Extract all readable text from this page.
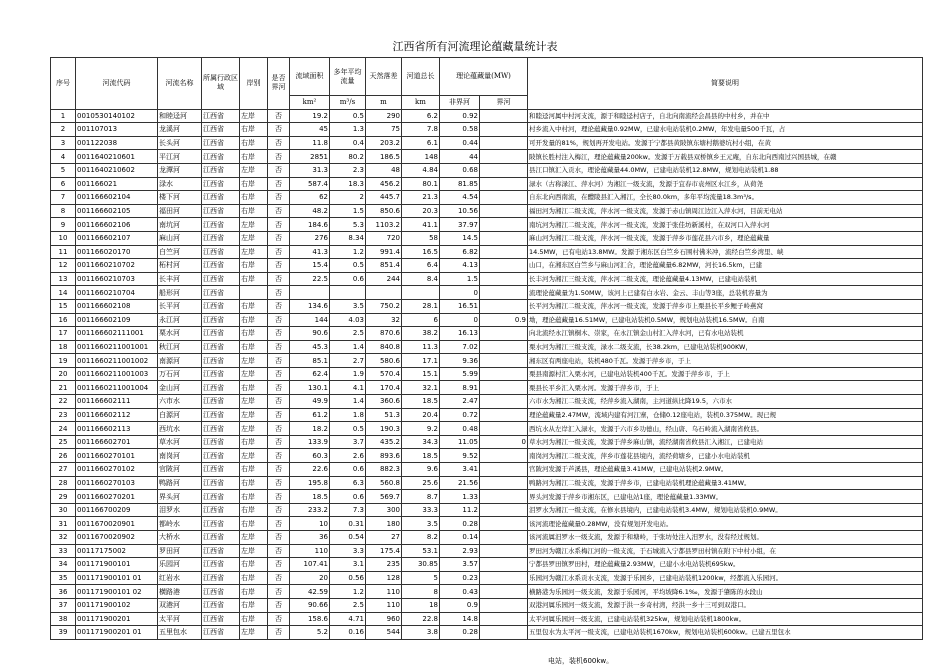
江西省所有河流理论蕴藏量统计表
序号	河流代码	河流名称	所属行政区域	岸别	是否界河	流域面积	多年平均流量	天然落差	河道总长	理论蕴藏量(MW)		简要说明
						km²	m³/s	m	km	非界河	界河	
1	0010530140102	和睦迳河	江西省	左岸	否	19.2	0.5	290	6.2	0.92		和睦迳河属中村河支流，源于和睦迳村店子，自北向南流经会昌县的中村乡，并在中
2	001107013	龙溪河	江西省	右岸	否	45	1.3	75	7.8	0.58		村乡流入中村河，理论蕴藏量0.92MW，已建水电站装机0.2MW，年发电量500千瓦，占
3	001122038	长头河	江西省	右岸	否	11.8	0.4	203.2	6.1	0.44		可开发量的81%，规划再开发电站。发源于宁都县黄陂镇东塘村鹅婆坑村小组，在黄
4	0011640210601	平江河	江西省	右岸	否	2851	80.2	186.5	148	44		陂镇长胜村注入梅江，理论蕴藏量200kw。发源于万载县双桥镇乡王元庵，自东北向西南过兴国县城，在赣
5	0011640210602	龙潭河	江西省	左岸	否	31.3	2.3	48	4.84	0.68		县江口镇汇入贡水，理论蕴藏量44.0MW，已建电站装机12.8MW，规划电站装机1.88
6	001166021	渌水	江西省	右岸	否	587.4	18.3	456.2	80.1	81.85		渌水（古称渌江、萍水河）为湘江一级支流，发源于宜春市袁州区水江乡，从荷尧
7	001166602104	楼下河	江西省	右岸	否	62	2	445.7	21.3	4.54		自东北向西南流，在醴陵县汇入湘江，全长80.0km，多年平均流量18.3m³/s。
8	001166602105	福田河	江西省	右岸	否	48.2	1.5	850.6	20.3	10.56		福田河为湘江二级支流，萍水河一级支流，发源于赤山镇周江边江入萍水河，目前无电站
9	001166602106	南坑河	江西省	左岸	否	184.6	5.3	1103.2	41.1	37.97		南坑河为湘江二级支流，萍水河一级支流，发源于张佳坊新溪村，在双河口入萍水河
10	001166602107	麻山河	江西省	左岸	否	276	8.34	720	58	14.5		麻山河为湘江二级支流，萍水河一级支流，发源于萍乡市莲花县六市乡，理论蕴藏量
11	001166020170	白竺河	江西省	左岸	否	41.3	1.2	991.4	16.5	6.82		14.5MW，已有电站13.8MW。发源于湘东区白竺乡石围村佛米冲，流经白竺乡湾里、峡
12	0011660210702	柘村河	江西省	右岸	否	15.4	0.5	851.4	6.4	4.13		山口，在湘东区白竺乡与麻山河汇合，理论蕴藏量6.82MW，河长16.5km，已建
13	0011660210703	长丰河	江西省	右岸	否	22.5	0.6	244	8.4	1.5		长丰河为湘江三级支流，萍水河二级支流，理论蕴藏量4.13MW，已建电站装机
14	0011660210704	船形河	江西省		否					0		流理论蕴藏量为1.50MW，该河上已建有白水岩、金云、丰山等3座，总装机容量为
15	001166602108	长平河	江西省	右岸	否	134.6	3.5	750.2	28.1	16.51		长平河为湘江二级支流，萍水河一级支流，发源于萍乡市上栗县长平乡鲤子岭燕窝
16	001166602109	永江河	江西省	右岸	否	144	4.03	32	6	0	0.9	坳，理论蕴藏量16.51MW，已建电站装机0.5MW，规划电站装机16.5MW。自南
17	001166602111001	栗水河	江西省	右岸	否	90.6	2.5	870.6	38.2	16.13		向北流经永江镇桐木、崇家，在永江镇金山村汇入萍水河，已有水电站装机
18	0011660211001001	秋江河	江西省	右岸	否	45.3	1.4	840.8	11.3	7.02		栗水河为湘江三级支流，渌水二级支流，长38.2km，已建电站装机900KW，
19	0011660211001002	南源河	江西省	左岸	否	85.1	2.7	580.6	17.1	9.36		湘东区有两座电站，装机480千瓦。发源于萍乡市，于上
20	0011660211001003	万石河	江西省	左岸	否	62.4	1.9	570.4	15.1	5.99		栗县南源村汇入栗水河，已建电站装机400千瓦。发源于萍乡市，于上
21	0011660211001004	金山河	江西省	右岸	否	130.1	4.1	170.4	32.1	8.91		栗县长平乡汇入栗水河。发源于萍乡市，于上
22	001166602111	六市水	江西省	左岸	否	49.9	1.4	360.6	18.5	2.47		六市水为湘江二级支流，经萍乡流入湖南，主河道纵比降19.5，六市水
23	001166602112	白源河	江西省	左岸	否	61.2	1.8	51.3	20.4	0.72		理论蕴藏量2.47MW，流域内建有河江寨，仓储0.12座电站，装机0.375MW。现已规
24	001166602113	西坑水	江西省	左岸	否	18.2	0.5	190.3	9.2	0.48		西坑水从左岸汇入渌水，发源于六市乡功德山，经山唐、乌石岭流入湖南省攸县。
25	001166602701	草水河	江西省	右岸	否	133.9	3.7	435.2	34.3	11.05	0	草水河为湘江一级支流，发源于萍乡麻山镇，流经湖南省攸县汇入湘江，已建电站
26	0011660270101	南岗河	江西省	左岸	否	60.3	2.6	893.6	18.5	9.52		南岗河为湘江二级支流，萍乡市莲花县境内，流经荷塘乡，已建小水电站装机
27	0011660270102	官陂河	江西省	右岸	否	22.6	0.6	882.3	9.6	3.41		官陂河发源于芦溪县，理论蕴藏量3.41MW，已建电站装机2.9MW。
28	0011660270103	鸭路河	江西省	右岸	否	195.8	6.3	560.8	25.6	21.56		鸭路河为湘江二级支流，发源于萍乡市，已建电站装机理论蕴藏量3.41MW。
29	0011660270201	界头河	江西省	右岸	否	18.5	0.6	569.7	8.7	1.33		界头河发源于萍乡市湘东区，已建电站1座，理论蕴藏量1.33MW。
30	001166700209	泪罗水	江西省	右岸	否	233.2	7.3	300	33.3	11.2		泪罗水为湘江一级支流，在修水县境内，已建电站装机3.4MW，规划电站装机0.9MW。
31	0011670020901	都岭水	江西省	右岸	否	10	0.31	180	3.5	0.28		该河流理论蕴藏量0.28MW，没有规划开发电站。
32	0011670020902	大桥水	江西省	左岸	否	36	0.54	27	8.2	0.14		该河流属汨罗水一级支流，发源于和塘岭，于张坊处注入汨罗水，没有经过规划。
33	00117175002	罗田河	江西省	左岸	否	110	3.3	175.4	53.1	2.93		罗田河为赣江水系梅江河的一级支流，于石城流入宁都县罗田村镇在附下中村小组，在
34	001171900101	乐园河	江西省	右岸	否	107.41	3.1	235	30.85	3.57		宁都县罗田镇罗田村，理论蕴藏量2.93MW，已建小水电站装机695kw。
35	001171900101 01	红岩水	江西省	右岸	否	20	0.56	128	5	0.23		乐园河为赣江水系贡水支流，发源于乐园乡，已建电站装机1200kw，经都流入乐园河。
36	001171900101 02	横路港	江西省	右岸	否	42.59	1.2	110	8	0.43		横路港为乐园河一级支流，发源于乐园河，平均坡降6.1‰，发源于肇陈的水段山
37	001171900102	双港河	江西省	右岸	否	90.66	2.5	110	18	0.9		双港河属乐园河一级支流，发源于洪一乡奇村湾，经洪一乡十三可到双港口。
38	001171900201	太平河	江西省	右岸	否	158.6	4.71	960	22.8	14.8		太平河属乐园河一级支流，已建电站装机325kw，规划电站装机1800kw。
39	001171900201 01	五里包水	江西省	左岸	否	5.2	0.16	544	3.8	0.28		五里包水为太平河一级支流，已建电站装机1670kw，规划电站装机600kw。已建五里包水
电站，装机600kw。
